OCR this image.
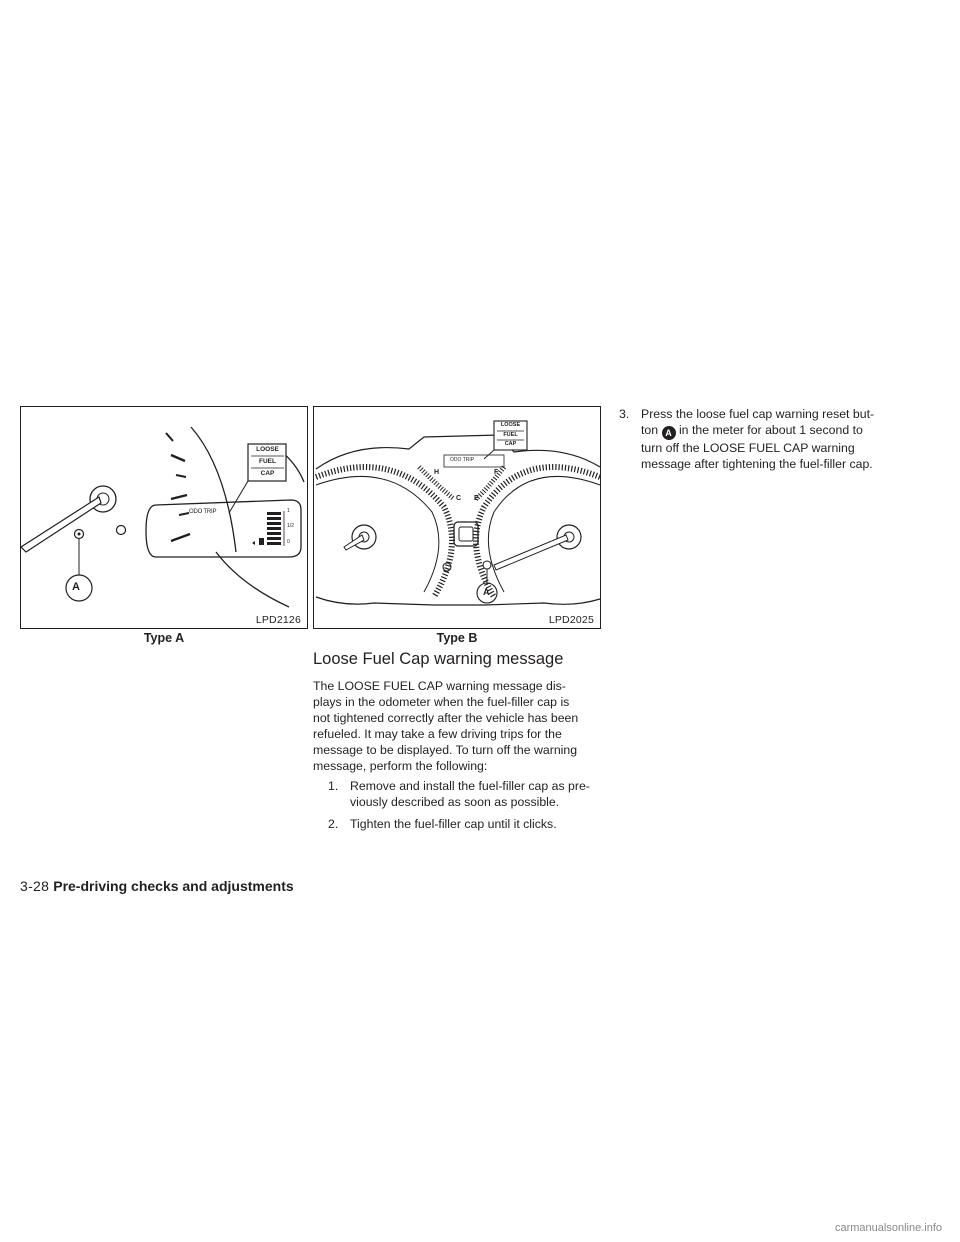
LOOSE
FUEL
CAP
ODO TRIP	1
1/2
0
A
LPD2126
Type A
LOOSE
FUEL
CAP
ODO TRIP
H
C
F
E
A
LPD2025
Type B
Loose Fuel Cap warning message
The LOOSE FUEL CAP warning message dis-
plays in the odometer when the fuel-filler cap is
not tightened correctly after the vehicle has been
refueled. It may take a few driving trips for the
message to be displayed. To turn off the warning
message, perform the following:
1. Remove and install the fuel-filler cap as pre-
viously described as soon as possible.
2. Tighten the fuel-filler cap until it clicks.
3. Press the loose fuel cap warning reset but-
ton A in the meter for about 1 second to
turn off the LOOSE FUEL CAP warning
message after tightening the fuel-filler cap.
3-28 Pre-driving checks and adjustments
carmanualsonline.info
